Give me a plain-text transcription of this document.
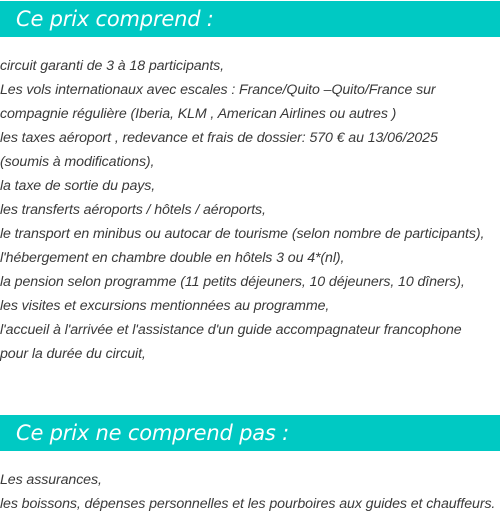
Ce prix comprend :
circuit garanti de 3 à 18 participants,
Les vols internationaux avec escales : France/Quito –Quito/France sur
compagnie régulière (Iberia, KLM , American Airlines ou autres )
les taxes aéroport , redevance et frais de dossier: 570 € au 13/06/2025
(soumis à modifications),
la taxe de sortie du pays,
les transferts aéroports / hôtels / aéroports,
le transport en minibus ou autocar de tourisme (selon nombre de participants),
l'hébergement en chambre double en hôtels 3 ou 4*(nl),
la pension selon programme (11 petits déjeuners, 10 déjeuners, 10 dîners),
les visites et excursions mentionnées au programme,
l'accueil à l'arrivée et l'assistance d'un guide accompagnateur francophone
pour la durée du circuit,
Ce prix ne comprend pas :
Les assurances,
les boissons, dépenses personnelles et les pourboires aux guides et chauffeurs.
